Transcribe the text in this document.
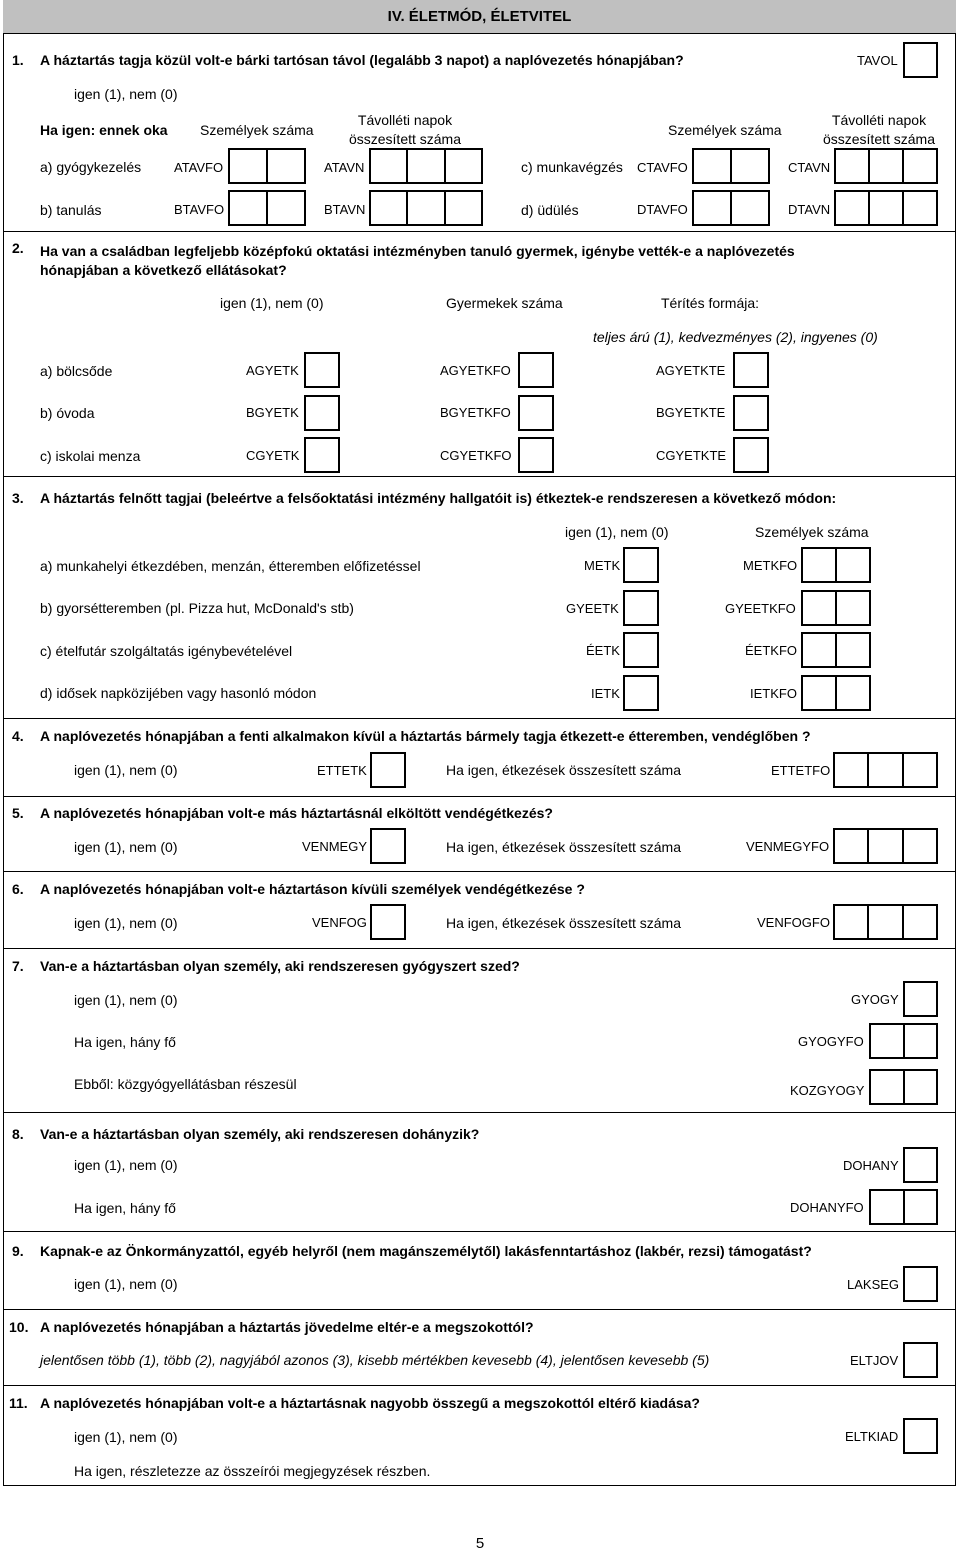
IV. ÉLETMÓD, ÉLETVITEL
1. A háztartás tagja közül volt-e bárki tartósan távol (legalább 3 napot) a naplóvezetés hónapjában?	TAVOL
igen (1), nem (0)
Ha igen: ennek oka Személyek száma
Távolléti napok
összesített száma
Személyek száma
Távolléti napok
összesített száma
a) gyógykezelés	ATAVFO	ATAVN	c) munkavégzés CTAVFO	CTAVN
b) tanulás	BTAVFO	BTAVN	d) üdülés	DTAVFO	DTAVN
2. Ha van a családban legfeljebb középfokú oktatási intézményben tanuló gyermek, igénybe vették-e a naplóvezetés
hónapjában a következő ellátásokat?
igen (1), nem (0)	Gyermekek száma	Térítés formája:
teljes árú (1), kedvezményes (2), ingyenes (0)
a) bölcsőde	AGYETK	AGYETKFO	AGYETKTE
b) óvoda	BGYETK	BGYETKFO	BGYETKTE
c) iskolai menza	CGYETK	CGYETKFO	CGYETKTE
3. A háztartás felnőtt tagjai (beleértve a felsőoktatási intézmény hallgatóit is) étkeztek-e rendszeresen a következő módon:
igen (1), nem (0)	Személyek száma
a) munkahelyi étkezdében, menzán, étteremben előfizetéssel	METK	METKFO
b) gyorsétteremben (pl. Pizza hut, McDonald's stb)	GYEETK	GYEETKFO
c) ételfutár szolgáltatás igénybevételével	ÉETK	ÉETKFO
d) idősek napközijében vagy hasonló módon	IETK	IETKFO
4. A naplóvezetés hónapjában a fenti alkalmakon kívül a háztartás bármely tagja étkezett-e étteremben, vendéglőben ?
igen (1), nem (0)	ETTETK	Ha igen, étkezések összesített száma	ETTETFO
5. A naplóvezetés hónapjában volt-e más háztartásnál elköltött vendégétkezés?
igen (1), nem (0)	VENMEGY	Ha igen, étkezések összesített száma	VENMEGYFO
6. A naplóvezetés hónapjában volt-e háztartáson kívüli személyek vendégétkezése ?
igen (1), nem (0)	VENFOG	Ha igen, étkezések összesített száma	VENFOGFO
7. Van-e a háztartásban olyan személy, aki rendszeresen gyógyszert szed?
igen (1), nem (0)	GYOGY
Ha igen, hány fő	GYOGYFO
Ebből: közgyógyellátásban részesül	KOZGYOGY
8. Van-e a háztartásban olyan személy, aki rendszeresen dohányzik?
igen (1), nem (0)	DOHANY
Ha igen, hány fő	DOHANYFO
9. Kapnak-e az Önkormányzattól, egyéb helyről (nem magánszemélytől) lakásfenntartáshoz (lakbér, rezsi) támogatást?
igen (1), nem (0)	LAKSEG
10. A naplóvezetés hónapjában a háztartás jövedelme eltér-e a megszokottól?
jelentősen több (1), több (2), nagyjából azonos (3), kisebb mértékben kevesebb (4), jelentősen kevesebb (5)	ELTJOV
11. A naplóvezetés hónapjában volt-e a háztartásnak nagyobb összegű a megszokottól eltérő kiadása?
igen (1), nem (0)	ELTKIAD
Ha igen, részletezze az összeírói megjegyzések részben.
5
